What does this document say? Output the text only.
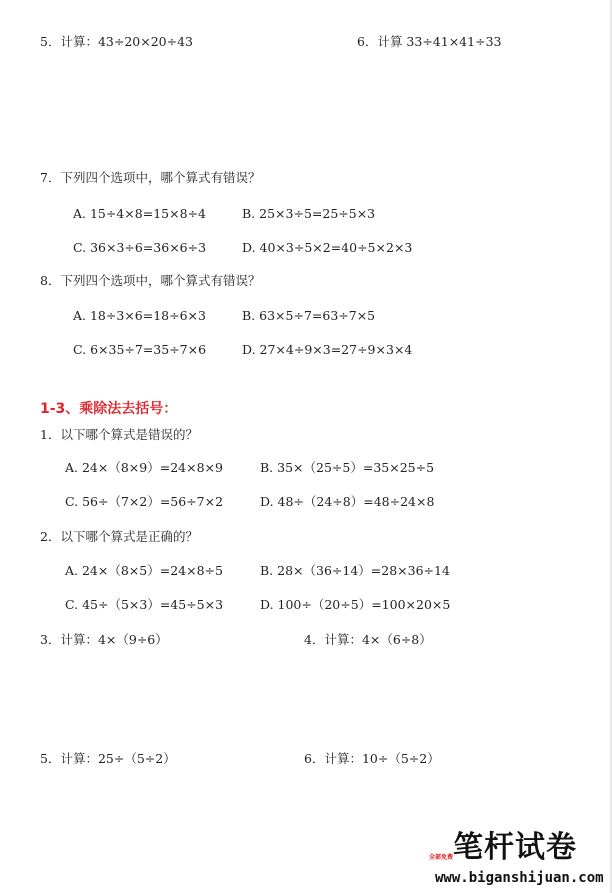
5．计算：43÷20×20÷43	6．计算 33÷41×41÷33
7．下列四个选项中，哪个算式有错误？
A. 15÷4×8=15×8÷4	B. 25×3÷5=25÷5×3
C. 36×3÷6=36×6÷3	D. 40×3÷5×2=40÷5×2×3
8．下列四个选项中，哪个算式有错误？
A. 18÷3×6=18÷6×3	B. 63×5÷7=63÷7×5
C. 6×35÷7=35÷7×6	D. 27×4÷9×3=27÷9×3×4
1-3、乘除法去括号：
1．以下哪个算式是错误的？
A. 24×（8×9）=24×8×9	B. 35×（25÷5）=35×25÷5
C. 56÷（7×2）=56÷7×2	D. 48÷（24÷8）=48÷24×8
2．以下哪个算式是正确的？
A. 24×（8×5）=24×8÷5	B. 28×（36÷14）=28×36÷14
C. 45÷（5×3）=45÷5×3	D. 100÷（20÷5）=100×20×5
3．计算：4×（9÷6）	4．计算：4×（6÷8）
5．计算：25÷（5÷2）	6．计算：10÷（5÷2）
全部免费 笔杆试卷
www.biganshijuan.com
